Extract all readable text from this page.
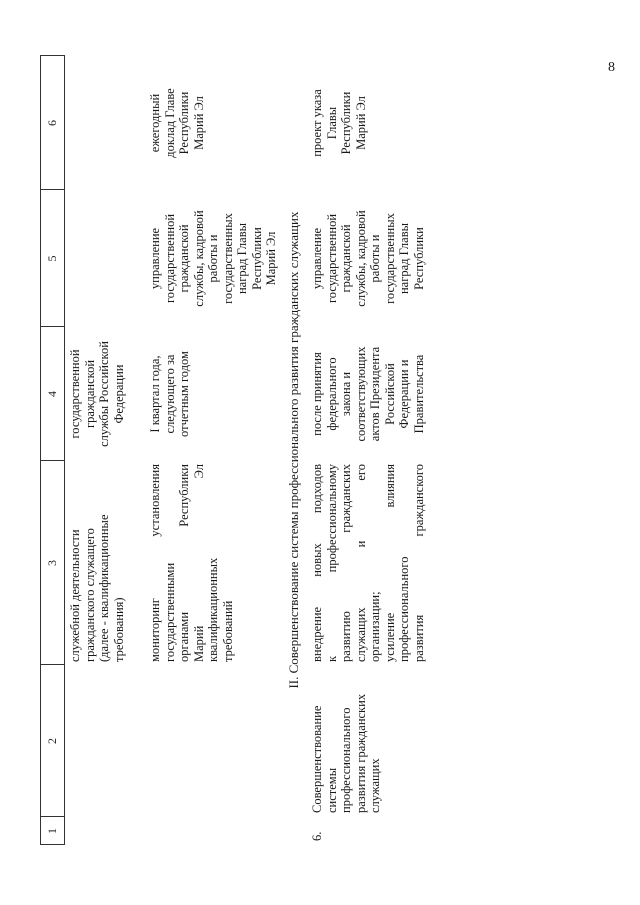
8
1
2
3
4
5
6
служебной деятельности
гражданского служащего
(далее - квалификационные
требования)
государственной
гражданской
службы Российской
Федерации
мониторинг установления
государственными
органами Республики
Марий Эл
квалификационных
требований
I квартал года,
следующего за
отчетным годом
управление
государственной
гражданской
службы, кадровой
работы и
государственных
наград Главы
Республики
Марий Эл
ежегодный
доклад Главе
Республики
Марий Эл
II. Совершенствование системы профессионального развития гражданских служащих
6.
Совершенствование
системы
профессионального
развития гражданских
служащих
внедрение новых подходов
к профессиональному
развитию гражданских
служащих и его
организации;
усиление влияния
профессионального
развития гражданского
после принятия
федерального
закона и
соответствующих
актов Президента
Российской
Федерации и
Правительства
управление
государственной
гражданской
службы, кадровой
работы и
государственных
наград Главы
Республики
проект указа
Главы
Республики
Марий Эл
